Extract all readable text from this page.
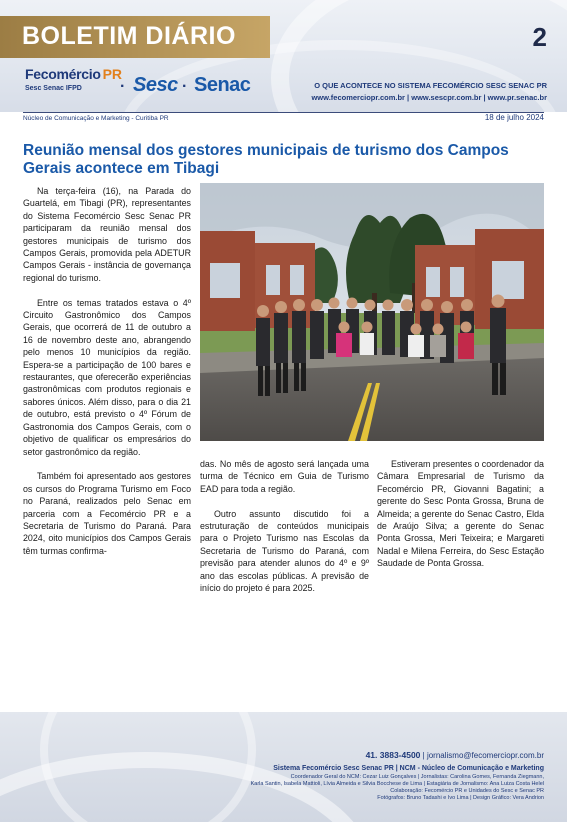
BOLETIM DIÁRIO	2
Fecomércio PR
Sesc Senac IFPD	· Sesc · Senac	O QUE ACONTECE NO SISTEMA FECOMÉRCIO SESC SENAC PR
www.fecomerciopr.com.br | www.sescpr.com.br | www.pr.senac.br
Núcleo de Comunicação e Marketing - Curitiba PR	18 de julho 2024
Reunião mensal dos gestores municipais de turismo dos Campos Gerais acontece em Tibagi

Na terça-feira (16), na Parada do Guartelá, em Tibagi (PR), representantes do Sistema Fecomércio Sesc Senac PR participaram da reunião mensal dos gestores municipais de turismo dos Campos Gerais, promovida pela ADETUR Campos Gerais - instância de governança regional do turismo.

Entre os temas tratados estava o 4º Circuito Gastronômico dos Campos Gerais, que ocorrerá de 11 de outubro a 16 de novembro deste ano, abrangendo pelo menos 10 municípios da região. Espera-se a participação de 100 bares e restaurantes, que oferecerão experiências gastronômicas com produtos regionais e sabores únicos. Além disso, para o dia 21 de outubro, está previsto o 4º Fórum de Gastronomia dos Campos Gerais, com o objetivo de qualificar os empresários do setor gastronômico da região.

Também foi apresentado aos gestores os cursos do Programa Turismo em Foco no Paraná, realizados pelo Senac em parceria com a Fecomércio PR e a Secretaria de Turismo do Paraná. Para 2024, oito municípios dos Campos Gerais têm turmas confirma-

das. No mês de agosto será lançada uma turma de Técnico em Guia de Turismo EAD para toda a região.

Outro assunto discutido foi a estruturação de conteúdos municipais para o Projeto Turismo nas Escolas da Secretaria de Turismo do Paraná, com previsão para atender alunos do 4º e 9º ano das escolas públicas. A previsão de início do projeto é para 2025.

Estiveram presentes o coordenador da Câmara Empresarial de Turismo da Fecomércio PR, Giovanni Bagatini; a gerente do Sesc Ponta Grossa, Bruna de Almeida; a gerente do Senac Castro, Elda de Araújo Silva; a gerente do Senac Ponta Grossa, Meri Teixeira; e Margareti Nadal e Milena Ferreira, do Sesc Estação Saudade de Ponta Grossa.

41. 3883-4500 | jornalismo@fecomerciopr.com.br
Sistema Fecomércio Sesc Senac PR | NCM - Núcleo de Comunicação e Marketing
Coordenador Geral do NCM: Cezar Luiz Gonçalves | Jornalistas: Carolina Gomes, Fernanda Ziegmann,
Karla Santin, Isabela Mattioli, Lívia Almeida e Silvia Bocchese de Lima | Estagiária de Jornalismo: Ana Luiza Costa Helel
Colaboração: Fecomércio PR e Unidades do Sesc e Senac PR
Fotógrafos: Bruno Tadashi e Ivo Lima | Design Gráfico: Vera Andrion
